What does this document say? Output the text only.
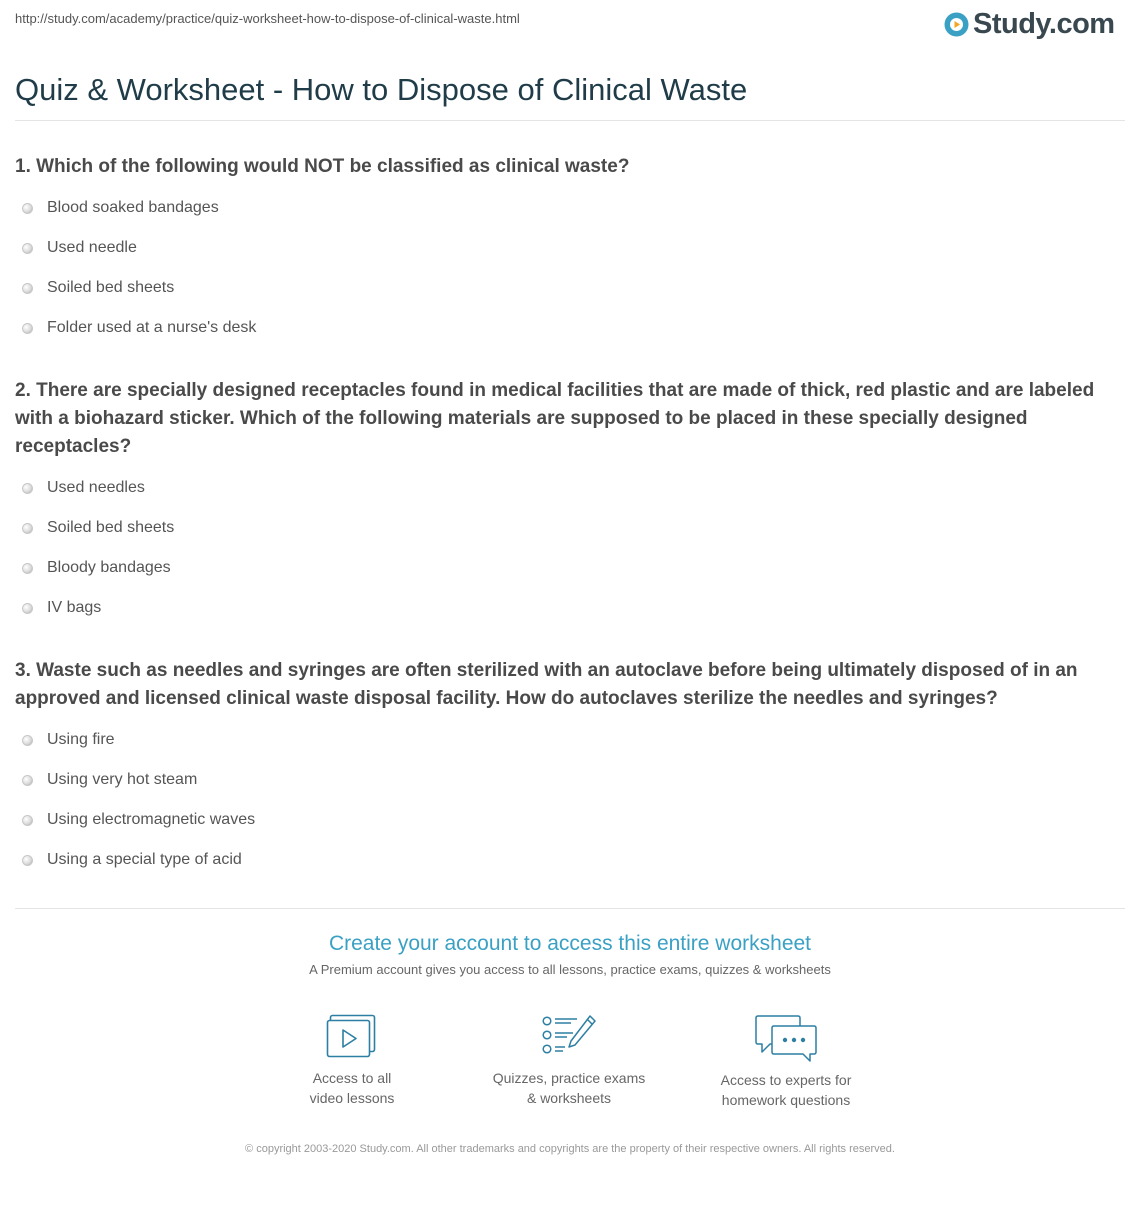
http://study.com/academy/practice/quiz-worksheet-how-to-dispose-of-clinical-waste.html	Study.com
Quiz & Worksheet - How to Dispose of Clinical Waste

1. Which of the following would NOT be classified as clinical waste?

Blood soaked bandages
Used needle
Soiled bed sheets
Folder used at a nurse's desk

2. There are specially designed receptacles found in medical facilities that are made of thick, red plastic and are labeled with a biohazard sticker. Which of the following materials are supposed to be placed in these specially designed receptacles?

Used needles
Soiled bed sheets
Bloody bandages
IV bags

3. Waste such as needles and syringes are often sterilized with an autoclave before being ultimately disposed of in an approved and licensed clinical waste disposal facility. How do autoclaves sterilize the needles and syringes?

Using fire
Using very hot steam
Using electromagnetic waves
Using a special type of acid
Create your account to access this entire worksheet
A Premium account gives you access to all lessons, practice exams, quizzes & worksheets
Access to all
video lessons
Quizzes, practice exams
& worksheets
Access to experts for
homework questions
© copyright 2003-2020 Study.com. All other trademarks and copyrights are the property of their respective owners. All rights reserved.
